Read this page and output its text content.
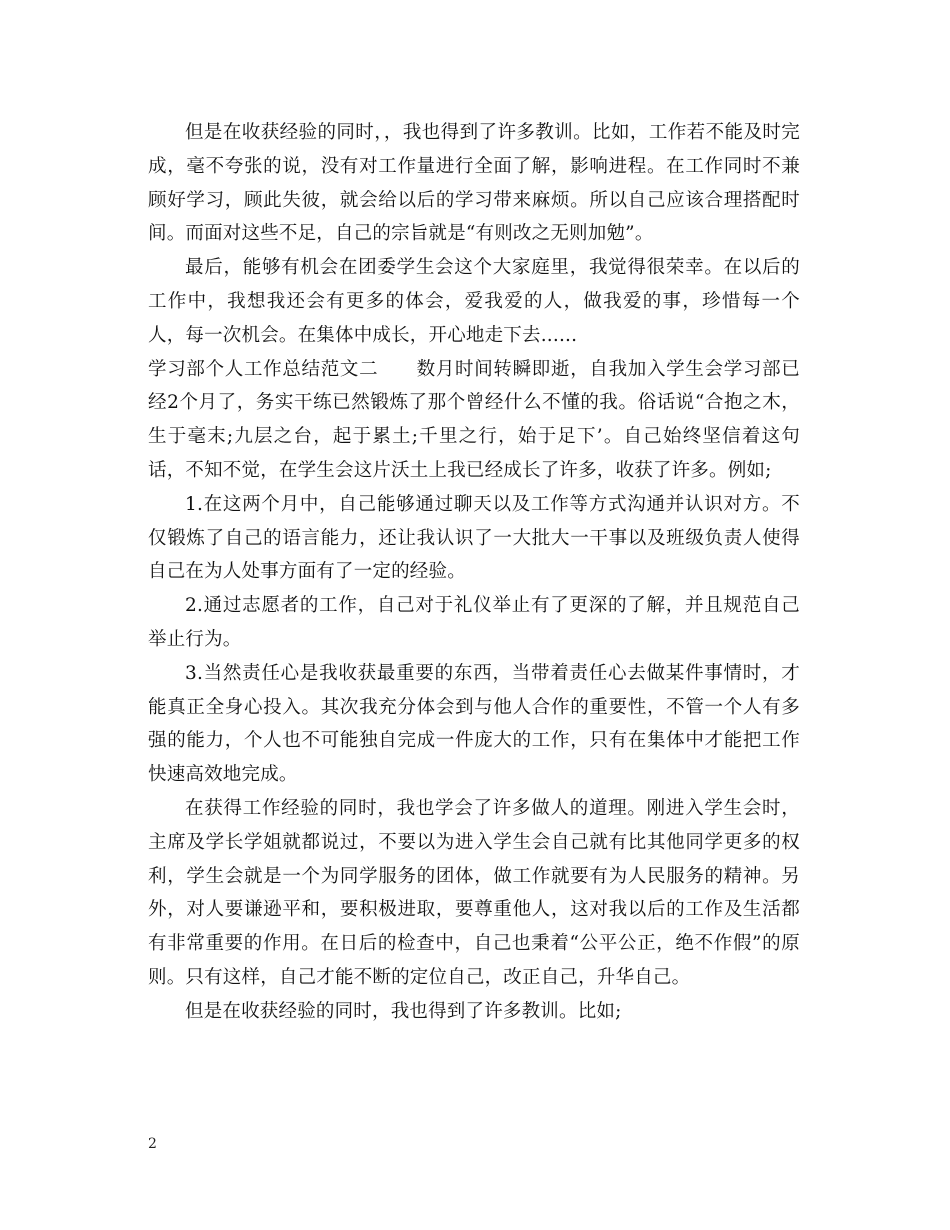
但是在收获经验的同时，，我也得到了许多教训。比如，工作若不能及时完成，毫不夸张的说，没有对工作量进行全面了解，影响进程。在工作同时不兼顾好学习，顾此失彼，就会给以后的学习带来麻烦。所以自己应该合理搭配时间。而面对这些不足，自己的宗旨就是“有则改之无则加勉”。

最后，能够有机会在团委学生会这个大家庭里，我觉得很荣幸。在以后的工作中，我想我还会有更多的体会，爱我爱的人，做我爱的事，珍惜每一个人，每一次机会。在集体中成长，开心地走下去......

学习部个人工作总结范文二　　数月时间转瞬即逝，自我加入学生会学习部已经2个月了，务实干练已然锻炼了那个曾经什么不懂的我。俗话说“合抱之木，生于毫末;九层之台，起于累土;千里之行，始于足下’。自己始终坚信着这句话，不知不觉，在学生会这片沃土上我已经成长了许多，收获了许多。例如;

1.在这两个月中，自己能够通过聊天以及工作等方式沟通并认识对方。不仅锻炼了自己的语言能力，还让我认识了一大批大一干事以及班级负责人使得自己在为人处事方面有了一定的经验。

2.通过志愿者的工作，自己对于礼仪举止有了更深的了解，并且规范自己举止行为。

3.当然责任心是我收获最重要的东西，当带着责任心去做某件事情时，才能真正全身心投入。其次我充分体会到与他人合作的重要性，不管一个人有多强的能力，个人也不可能独自完成一件庞大的工作，只有在集体中才能把工作快速高效地完成。

在获得工作经验的同时，我也学会了许多做人的道理。刚进入学生会时，主席及学长学姐就都说过，不要以为进入学生会自己就有比其他同学更多的权利，学生会就是一个为同学服务的团体，做工作就要有为人民服务的精神。另外，对人要谦逊平和，要积极进取，要尊重他人，这对我以后的工作及生活都有非常重要的作用。在日后的检查中，自己也秉着“公平公正，绝不作假”的原则。只有这样，自己才能不断的定位自己，改正自己，升华自己。

但是在收获经验的同时，我也得到了许多教训。比如;

2
